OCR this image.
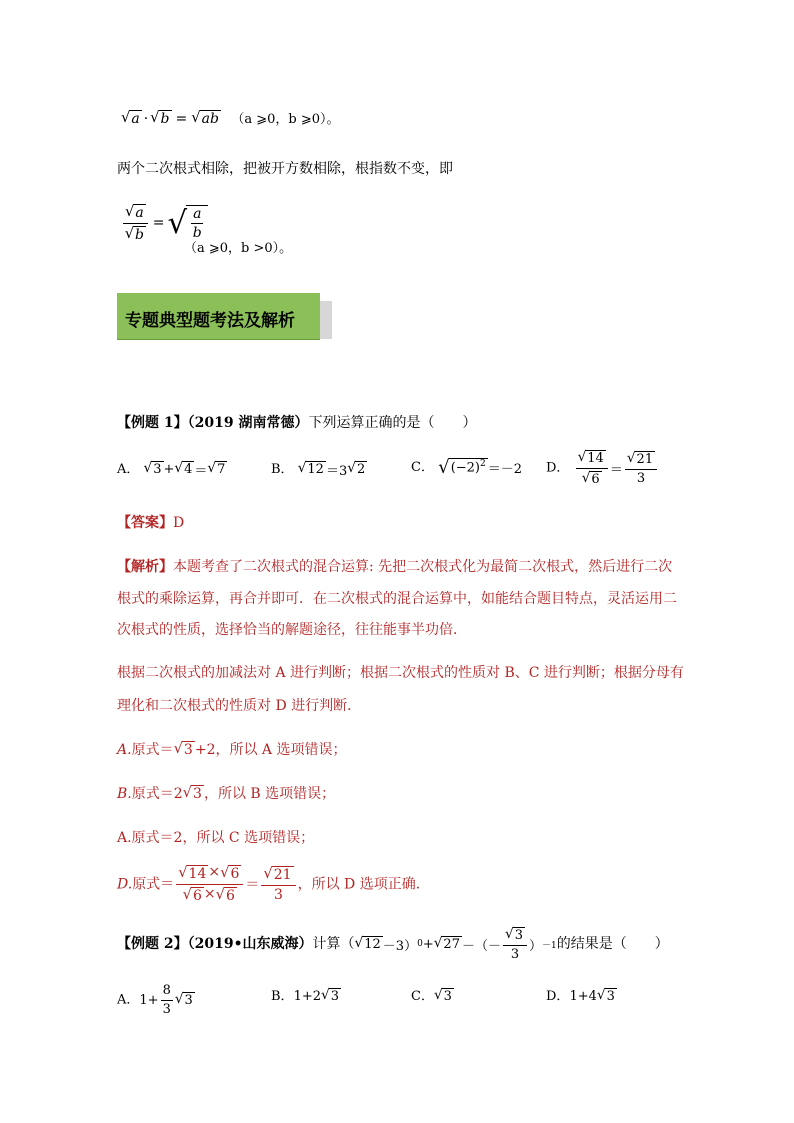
√ a · √ b = √ ab （a ⩾0，b ⩾0）。
两个二次根式相除，把被开方数相除，根指数不变，即
$\frac{√ a}{√ b}$ = √ $\frac{a}{b}$
（a ⩾0，b >0）。
专题典型题考法及解析
【例题 1】（2019 湖南常德）下列运算正确的是（　　）
A． √ 3 + √ 4 ＝ √ 7	B． √ 12 ＝3 √ 2	C． √ $(-2)^2 =-2$ D． $\frac{√ 14}{√ 6} = \frac{√ 21}{3}$
【答案】D
【解析】本题考查了二次根式的混合运算: 先把二次根式化为最简二次根式，然后进行二次
根式的乘除运算，再合并即可．在二次根式的混合运算中，如能结合题目特点，灵活运用二
次根式的性质，选择恰当的解题途径，往往能事半功倍．
根据二次根式的加减法对 A 进行判断；根据二次根式的性质对 B、C 进行判断；根据分母有
理化和二次根式的性质对 D 进行判断．
A.原式＝ √ 3 +2，所以 A 选项错误；
B.原式＝2 √ 3 ，所以 B 选项错误；
A.原式＝2，所以 C 选项错误；
D.原式＝ $\frac{√ 14 \times √ 6}{√ 6 \times √ 6} = \frac{√ 21}{3}$ ，所以 D 选项正确．
【例题 2】（2019•山东威海）计算（ √ 12 －3） 0 + √ 27 －（－ $\frac{√ 3}{3}$ ） －1 的结果是（　　）
A．$1+ \frac{8}{3}$ √ 3	B．1+2 √ 3	C． √ 3	D．1+4 √ 3
